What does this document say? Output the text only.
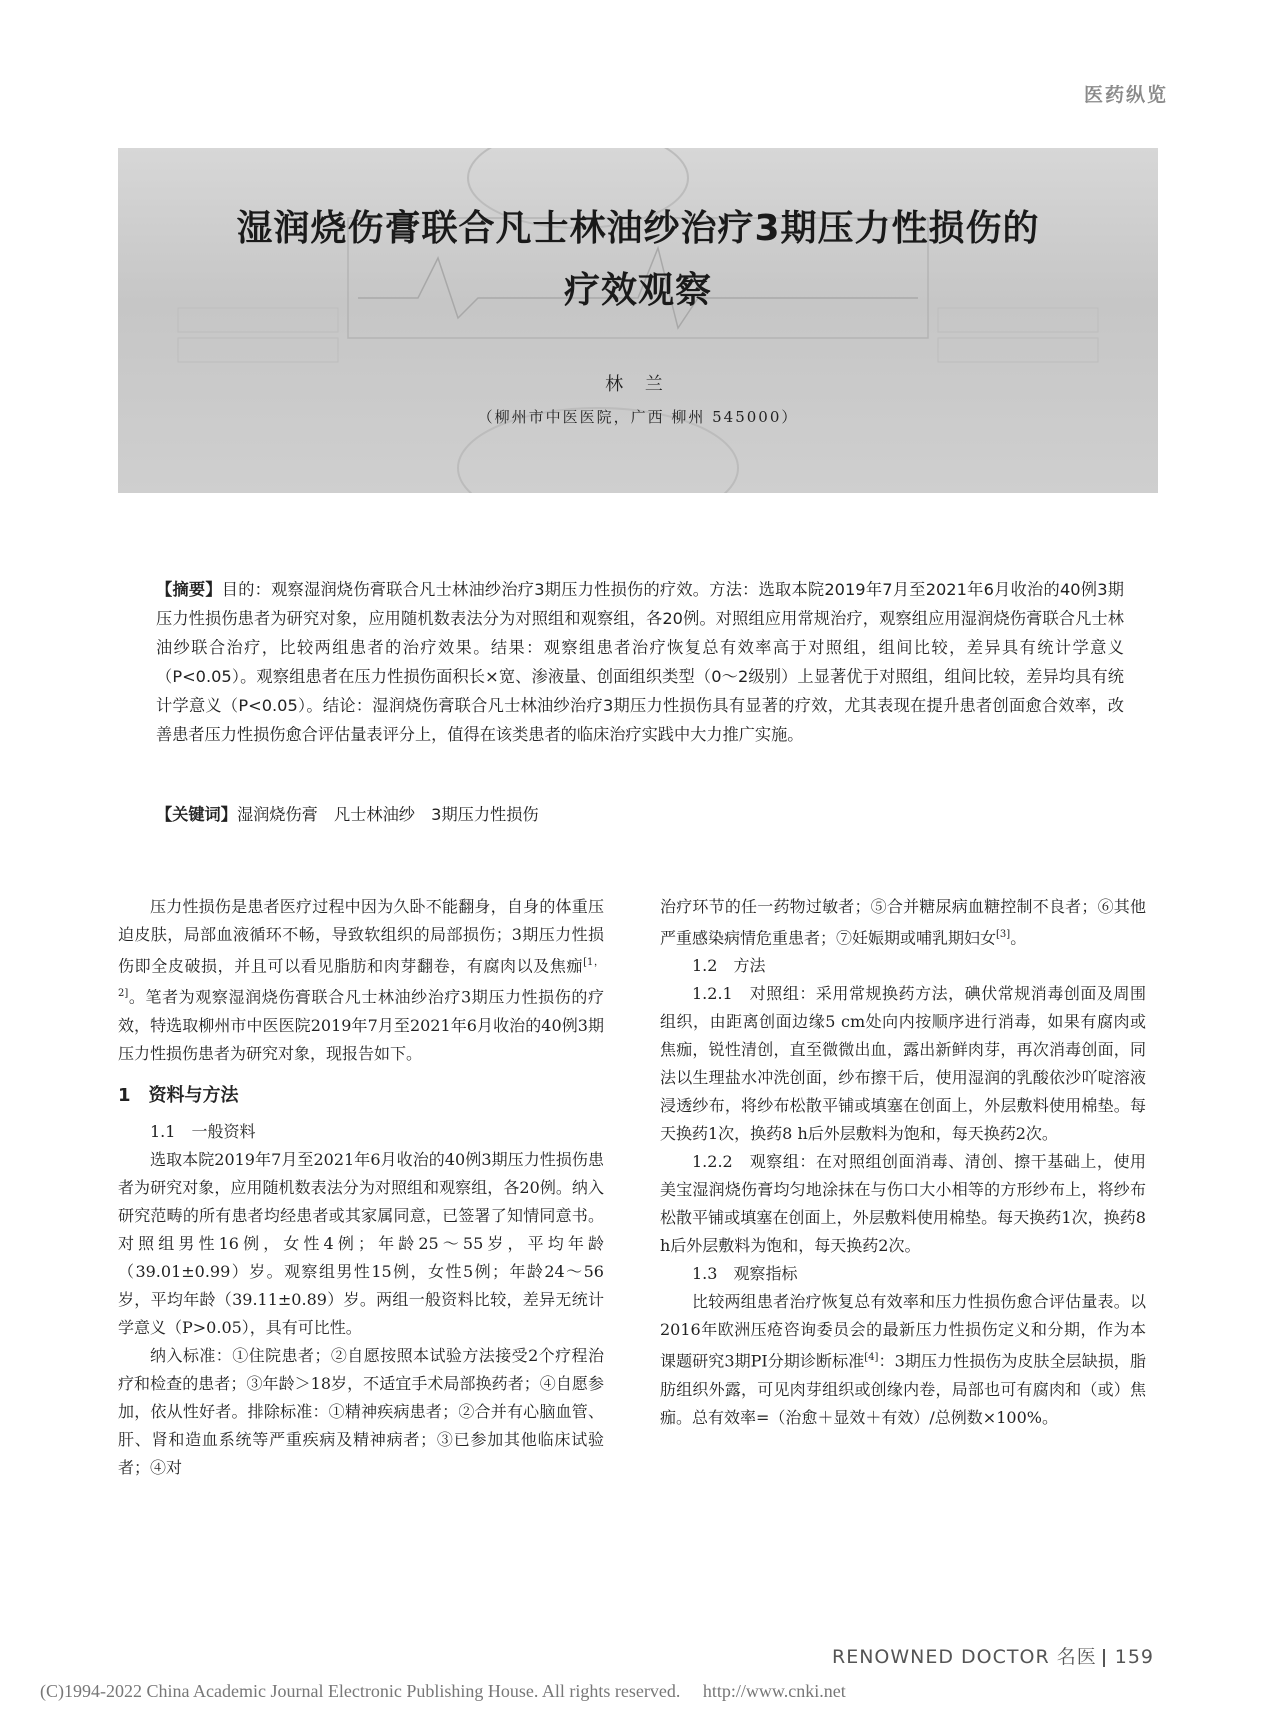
医药纵览
湿润烧伤膏联合凡士林油纱治疗3期压力性损伤的
疗效观察
林 兰
（柳州市中医医院，广西 柳州 545000）
【摘要】目的：观察湿润烧伤膏联合凡士林油纱治疗3期压力性损伤的疗效。方法：选取本院2019年7月至2021年6月收治的40例3期压力性损伤患者为研究对象，应用随机数表法分为对照组和观察组，各20例。对照组应用常规治疗，观察组应用湿润烧伤膏联合凡士林油纱联合治疗，比较两组患者的治疗效果。结果：观察组患者治疗恢复总有效率高于对照组，组间比较，差异具有统计学意义（P<0.05）。观察组患者在压力性损伤面积长×宽、渗液量、创面组织类型（0～2级别）上显著优于对照组，组间比较，差异均具有统计学意义（P<0.05）。结论：湿润烧伤膏联合凡士林油纱治疗3期压力性损伤具有显著的疗效，尤其表现在提升患者创面愈合效率，改善患者压力性损伤愈合评估量表评分上，值得在该类患者的临床治疗实践中大力推广实施。
【关键词】湿润烧伤膏　凡士林油纱　3期压力性损伤

压力性损伤是患者医疗过程中因为久卧不能翻身，自身的体重压迫皮肤，局部血液循环不畅，导致软组织的局部损伤；3期压力性损伤即全皮破损，并且可以看见脂肪和肉芽翻卷，有腐肉以及焦痂[1，2]。笔者为观察湿润烧伤膏联合凡士林油纱治疗3期压力性损伤的疗效，特选取柳州市中医医院2019年7月至2021年6月收治的40例3期压力性损伤患者为研究对象，现报告如下。

1　资料与方法
1.1　一般资料

选取本院2019年7月至2021年6月收治的40例3期压力性损伤患者为研究对象，应用随机数表法分为对照组和观察组，各20例。纳入研究范畴的所有患者均经患者或其家属同意，已签署了知情同意书。对照组男性16例，女性4例；年龄25～55岁，平均年龄（39.01±0.99）岁。观察组男性15例，女性5例；年龄24～56岁，平均年龄（39.11±0.89）岁。两组一般资料比较，差异无统计学意义（P>0.05），具有可比性。

纳入标准：①住院患者；②自愿按照本试验方法接受2个疗程治疗和检查的患者；③年龄＞18岁，不适宜手术局部换药者；④自愿参加，依从性好者。排除标准：①精神疾病患者；②合并有心脑血管、肝、肾和造血系统等严重疾病及精神病者；③已参加其他临床试验者；④对

治疗环节的任一药物过敏者；⑤合并糖尿病血糖控制不良者；⑥其他严重感染病情危重患者；⑦妊娠期或哺乳期妇女[3]。

1.2　方法

1.2.1　对照组：采用常规换药方法，碘伏常规消毒创面及周围组织，由距离创面边缘5 cm处向内按顺序进行消毒，如果有腐肉或焦痂，锐性清创，直至微微出血，露出新鲜肉芽，再次消毒创面，同法以生理盐水冲洗创面，纱布擦干后，使用湿润的乳酸依沙吖啶溶液浸透纱布，将纱布松散平铺或填塞在创面上，外层敷料使用棉垫。每天换药1次，换药8 h后外层敷料为饱和，每天换药2次。

1.2.2　观察组：在对照组创面消毒、清创、擦干基础上，使用美宝湿润烧伤膏均匀地涂抹在与伤口大小相等的方形纱布上，将纱布松散平铺或填塞在创面上，外层敷料使用棉垫。每天换药1次，换药8 h后外层敷料为饱和，每天换药2次。

1.3　观察指标

比较两组患者治疗恢复总有效率和压力性损伤愈合评估量表。以2016年欧洲压疮咨询委员会的最新压力性损伤定义和分期，作为本课题研究3期PI分期诊断标准[4]：3期压力性损伤为皮肤全层缺损，脂肪组织外露，可见肉芽组织或创缘内卷，局部也可有腐肉和（或）焦痂。总有效率=（治愈＋显效＋有效）/总例数×100%。

RENOWNED DOCTOR 名医 159
(C)1994-2022 China Academic Journal Electronic Publishing House. All rights reserved.　 http://www.cnki.net
